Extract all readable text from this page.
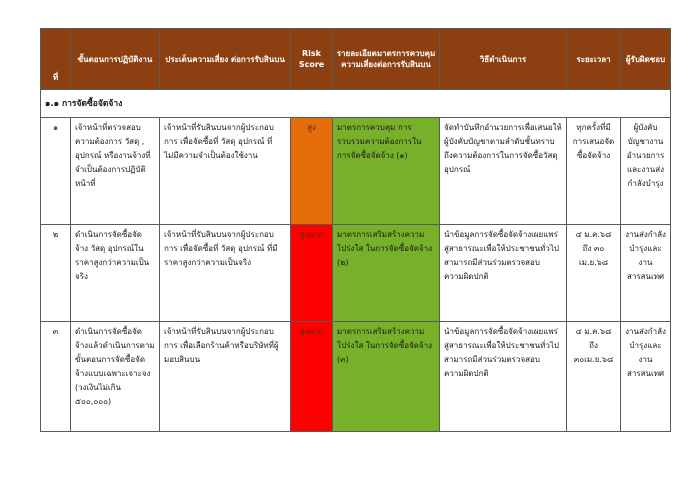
ที่	ขั้นตอนการปฏิบัติงาน	ประเด็นความเสี่ยง ต่อการรับสินบน	Risk Score	รายละเอียดมาตรการควบคุม ความเสี่ยงต่อการรับสินบน	วิธีดำเนินการ	ระยะเวลา	ผู้รับผิดชอบ
๑.๑ การจัดซื้อจัดจ้าง							
๑	เจ้าหน้าที่ตรวจสอบความต้องการ วัสดุ , อุปกรณ์ หรืองานจ้างที่จำเป็นต้องการปฏิบัติหน้าที่	เจ้าหน้าที่รับสินบนจากผู้ประกอบการ เพื่อจัดซื้อที่ วัสดุ อุปกรณ์ ที่ไม่มีความจำเป็นต้องใช้งาน	สูง	มาตรการควบคุม การรวบรวมความต้องการในการจัดซื้อจัดจ้าง (๑)	จัดทำบันทึกอำนวยการเพื่อเสนอให้ผู้บังคับบัญชาตามลำดับชั้นทราบถึงความต้องการในการจัดซื้อวัสดุอุปกรณ์	ทุกครั้งที่มีการเสนอจัดซื้อจัดจ้าง	ผู้บังคับบัญชางาน อำนวยการและงานส่งกำลังบำรุง
๒	ดำเนินการจัดซื้อจัดจ้าง วัสดุ อุปกรณ์ในราคาสูงกว่าความเป็นจริง	เจ้าหน้าที่รับสินบนจากผู้ประกอบการ เพื่อจัดซื้อที่ วัสดุ อุปกรณ์ ที่มีราคาสูงกว่าความเป็นจริง	สูงมาก	มาตรการเสริมสร้างความโปร่งใส ในการจัดซื้อจัดจ้าง (๒)	นำข้อมูลการจัดซื้อจัดจ้างเผยแพร่สู่สาธารณะเพื่อให้ประชาชนทั่วไปสามารถมีส่วนร่วมตรวจสอบ ความผิดปกติ	๔ ม.ค.๖๘ ถึง ๓๐ เม.ย.๖๘	งานส่งกำลังบำรุงและงาน สารสนเทศ
๓	ดำเนินการจัดซื้อจัดจ้างแล้วดำเนินการตามขั้นตอนการจัดซื้อจัดจ้างแบบเฉพาะเจาะจง (วงเงินไม่เกิน ๕๐๐,๐๐๐)	เจ้าหน้าที่รับสินบนจากผู้ประกอบการ เพื่อเลือกร้านค้าหรือบริษัทที่ผู้มอบสินบน	สูงมาก	มาตรการเสริมสร้างความโปร่งใส ในการจัดซื้อจัดจ้าง (๓)	นำข้อมูลการจัดซื้อจัดจ้างเผยแพร่สู่สาธารณะเพื่อให้ประชาชนทั่วไปสามารถมีส่วนร่วมตรวจสอบ ความผิดปกติ	๔ ม.ค.๖๘ ถึง ๓๐เม.ย.๖๘	งานส่งกำลังบำรุงและงาน สารสนเทศ
